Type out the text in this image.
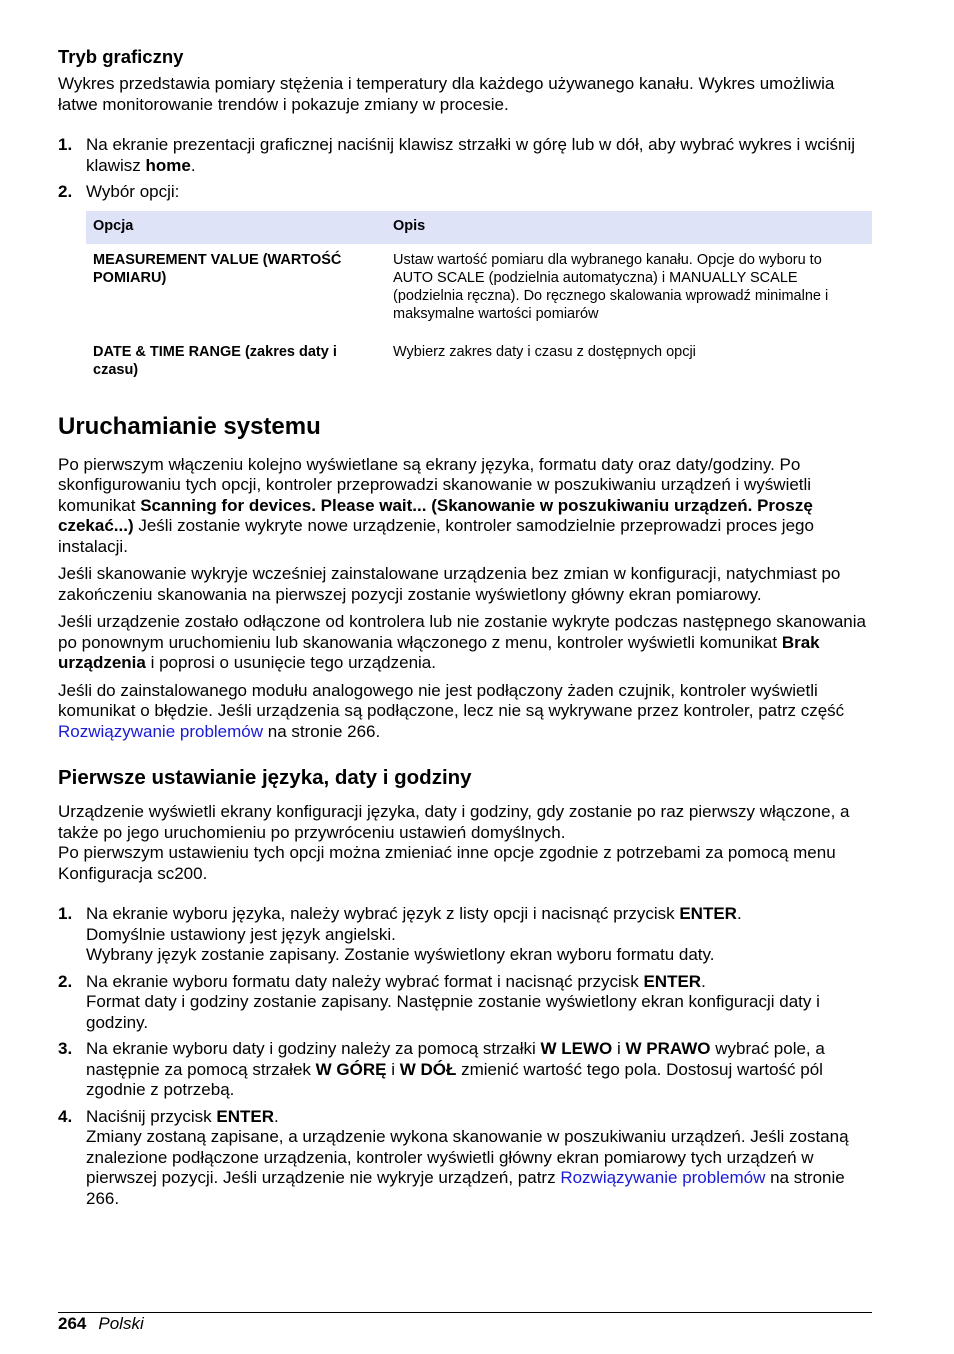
Tryb graficzny
Wykres przedstawia pomiary stężenia i temperatury dla każdego używanego kanału. Wykres umożliwia łatwe monitorowanie trendów i pokazuje zmiany w procesie.
1. Na ekranie prezentacji graficznej naciśnij klawisz strzałki w górę lub w dół, aby wybrać wykres i wciśnij klawisz home.
2. Wybór opcji:
Opcja	Opis
MEASUREMENT VALUE (WARTOŚĆ POMIARU)	Ustaw wartość pomiaru dla wybranego kanału. Opcje do wyboru to AUTO SCALE (podzielnia automatyczna) i MANUALLY SCALE (podzielnia ręczna). Do ręcznego skalowania wprowadź minimalne i maksymalne wartości pomiarów
DATE & TIME RANGE (zakres daty i czasu)	Wybierz zakres daty i czasu z dostępnych opcji
Uruchamianie systemu
Po pierwszym włączeniu kolejno wyświetlane są ekrany języka, formatu daty oraz daty/godziny. Po skonfigurowaniu tych opcji, kontroler przeprowadzi skanowanie w poszukiwaniu urządzeń i wyświetli komunikat Scanning for devices. Please wait... (Skanowanie w poszukiwaniu urządzeń. Proszę czekać...) Jeśli zostanie wykryte nowe urządzenie, kontroler samodzielnie przeprowadzi proces jego instalacji.
Jeśli skanowanie wykryje wcześniej zainstalowane urządzenia bez zmian w konfiguracji, natychmiast po zakończeniu skanowania na pierwszej pozycji zostanie wyświetlony główny ekran pomiarowy.
Jeśli urządzenie zostało odłączone od kontrolera lub nie zostanie wykryte podczas następnego skanowania po ponownym uruchomieniu lub skanowania włączonego z menu, kontroler wyświetli komunikat Brak urządzenia i poprosi o usunięcie tego urządzenia.
Jeśli do zainstalowanego modułu analogowego nie jest podłączony żaden czujnik, kontroler wyświetli komunikat o błędzie. Jeśli urządzenia są podłączone, lecz nie są wykrywane przez kontroler, patrz część Rozwiązywanie problemów na stronie 266.
Pierwsze ustawianie języka, daty i godziny
Urządzenie wyświetli ekrany konfiguracji języka, daty i godziny, gdy zostanie po raz pierwszy włączone, a także po jego uruchomieniu po przywróceniu ustawień domyślnych.
Po pierwszym ustawieniu tych opcji można zmieniać inne opcje zgodnie z potrzebami za pomocą menu Konfiguracja sc200.
1. Na ekranie wyboru języka, należy wybrać język z listy opcji i nacisnąć przycisk ENTER.
Domyślnie ustawiony jest język angielski.
Wybrany język zostanie zapisany. Zostanie wyświetlony ekran wyboru formatu daty.
2. Na ekranie wyboru formatu daty należy wybrać format i nacisnąć przycisk ENTER.
Format daty i godziny zostanie zapisany. Następnie zostanie wyświetlony ekran konfiguracji daty i godziny.
3. Na ekranie wyboru daty i godziny należy za pomocą strzałki W LEWO i W PRAWO wybrać pole, a następnie za pomocą strzałek W GÓRĘ i W DÓŁ zmienić wartość tego pola. Dostosuj wartość pól zgodnie z potrzebą.
4. Naciśnij przycisk ENTER.
Zmiany zostaną zapisane, a urządzenie wykona skanowanie w poszukiwaniu urządzeń. Jeśli zostaną znalezione podłączone urządzenia, kontroler wyświetli główny ekran pomiarowy tych urządzeń w pierwszej pozycji. Jeśli urządzenie nie wykryje urządzeń, patrz Rozwiązywanie problemów na stronie 266.
264 Polski
